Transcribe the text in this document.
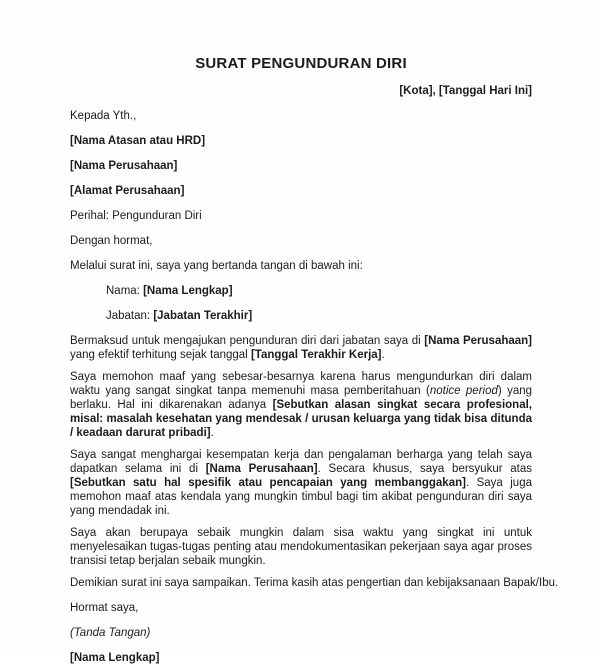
SURAT PENGUNDURAN DIRI
[Kota], [Tanggal Hari Ini]
Kepada Yth.,
[Nama Atasan atau HRD]
[Nama Perusahaan]
[Alamat Perusahaan]
Perihal: Pengunduran Diri
Dengan hormat,
Melalui surat ini, saya yang bertanda tangan di bawah ini:
Nama: [Nama Lengkap]
Jabatan: [Jabatan Terakhir]

Bermaksud untuk mengajukan pengunduran diri dari jabatan saya di [Nama Perusahaan] yang efektif terhitung sejak tanggal [Tanggal Terakhir Kerja].

Saya memohon maaf yang sebesar-besarnya karena harus mengundurkan diri dalam waktu yang sangat singkat tanpa memenuhi masa pemberitahuan (notice period) yang berlaku. Hal ini dikarenakan adanya [Sebutkan alasan singkat secara profesional, misal: masalah kesehatan yang mendesak / urusan keluarga yang tidak bisa ditunda / keadaan darurat pribadi].

Saya sangat menghargai kesempatan kerja dan pengalaman berharga yang telah saya dapatkan selama ini di [Nama Perusahaan]. Secara khusus, saya bersyukur atas [Sebutkan satu hal spesifik atau pencapaian yang membanggakan]. Saya juga memohon maaf atas kendala yang mungkin timbul bagi tim akibat pengunduran diri saya yang mendadak ini.

Saya akan berupaya sebaik mungkin dalam sisa waktu yang singkat ini untuk menyelesaikan tugas-tugas penting atau mendokumentasikan pekerjaan saya agar proses transisi tetap berjalan sebaik mungkin.

Demikian surat ini saya sampaikan. Terima kasih atas pengertian dan kebijaksanaan Bapak/Ibu.
Hormat saya,
(Tanda Tangan)
[Nama Lengkap]
